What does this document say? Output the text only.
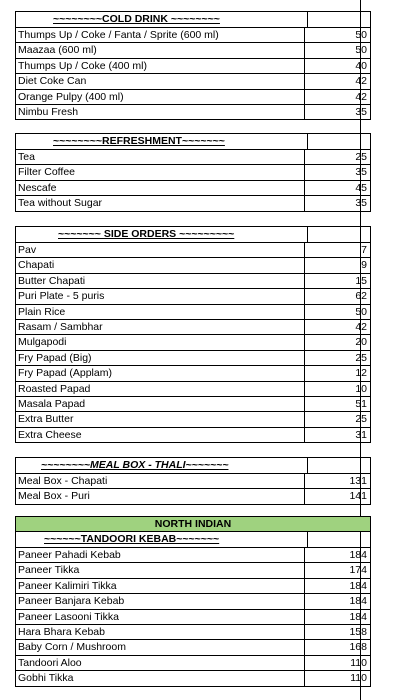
~~~~~~~~COLD DRINK ~~~~~~~~
Thumps Up / Coke / Fanta / Sprite (600 ml)	50
Maazaa (600 ml)	50
Thumps Up / Coke (400 ml)	40
Diet Coke Can	42
Orange Pulpy (400 ml)	42
Nimbu Fresh	35
~~~~~~~~REFRESHMENT~~~~~~~
Tea	25
Filter Coffee	35
Nescafe	45
Tea without Sugar	35
~~~~~~~ SIDE ORDERS ~~~~~~~~~
Pav	7
Chapati	9
Butter Chapati	15
Puri Plate - 5 puris	62
Plain Rice	50
Rasam / Sambhar	42
Mulgapodi	20
Fry Papad (Big)	25
Fry Papad (Applam)	12
Roasted Papad	10
Masala Papad	51
Extra Butter	25
Extra Cheese	31
~~~~~~~~MEAL BOX - THALI~~~~~~~
Meal Box - Chapati	131
Meal Box - Puri	141
NORTH INDIAN
~~~~~~TANDOORI KEBAB~~~~~~~
Paneer Pahadi Kebab	184
Paneer Tikka	174
Paneer Kalimiri Tikka	184
Paneer Banjara Kebab	184
Paneer Lasooni Tikka	184
Hara Bhara Kebab	158
Baby Corn / Mushroom	168
Tandoori Aloo	110
Gobhi Tikka	110
